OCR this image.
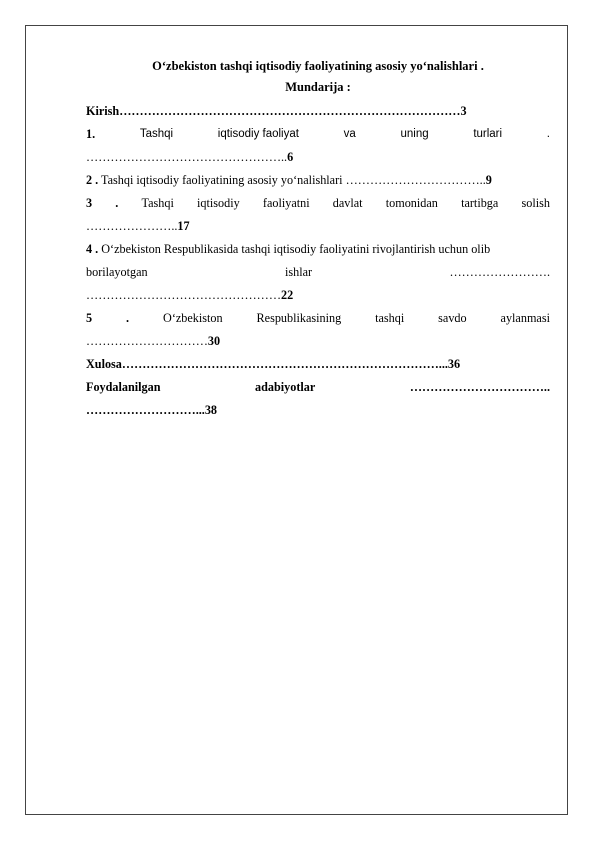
O‘zbekiston tashqi iqtisodiy faoliyatining asosiy yo‘nalishlari .
Mundarija :
Kirish…………………………………………………………………………3
1.	Tashqi	iqtisodiy faoliyat	va	uning	turlari	.
…………………………………………..6
2 . Tashqi iqtisodiy faoliyatining asosiy yo‘nalishlari ……………………………..9
3 . Tashqi iqtisodiy faoliyatni davlat tomonidan tartibga solish
…………………..17
4 . O‘zbekiston Respublikasida tashqi iqtisodiy faoliyatini rivojlantirish uchun olib
borilayotgan	ishlar	…………………….
…………………………………………22
5	.	O‘zbekiston	Respublikasining	tashqi	savdo	aylanmasi
…………………………30
Xulosa……………………………………………………………………...36
Foydalanilgan	adabiyotlar	……………………………..
………………………...38
